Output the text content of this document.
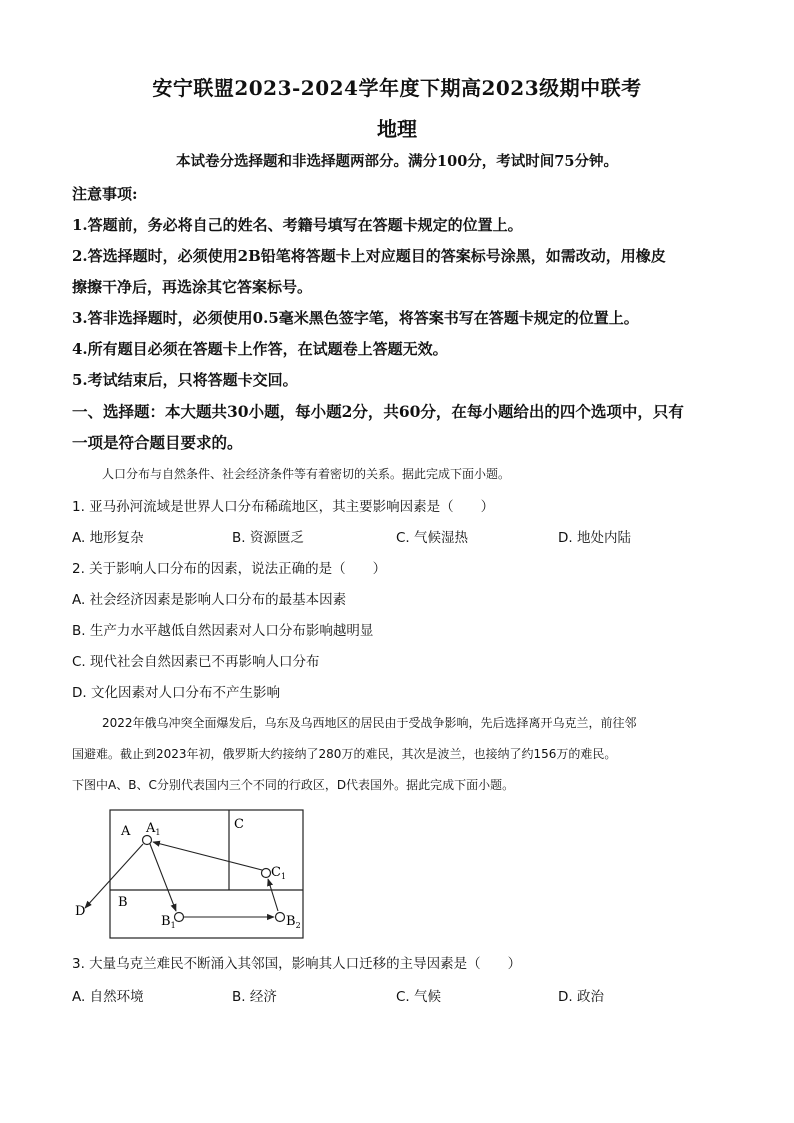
安宁联盟2023-2024学年度下期高2023级期中联考
地理
本试卷分选择题和非选择题两部分。满分100分，考试时间75分钟。
注意事项:
1.答题前，务必将自己的姓名、考籍号填写在答题卡规定的位置上。
2.答选择题时，必须使用2B铅笔将答题卡上对应题目的答案标号涂黑，如需改动，用橡皮
擦擦干净后，再选涂其它答案标号。
3.答非选择题时，必须使用0.5毫米黑色签字笔，将答案书写在答题卡规定的位置上。
4.所有题目必须在答题卡上作答，在试题卷上答题无效。
5.考试结束后，只将答题卡交回。
一、选择题：本大题共30小题，每小题2分，共60分，在每小题给出的四个选项中，只有
一项是符合题目要求的。
人口分布与自然条件、社会经济条件等有着密切的关系。据此完成下面小题。
1. 亚马孙河流域是世界人口分布稀疏地区，其主要影响因素是（　　）
A. 地形复杂	B. 资源匮乏	C. 气候湿热	D. 地处内陆
2. 关于影响人口分布的因素，说法正确的是（　　）
A. 社会经济因素是影响人口分布的最基本因素
B. 生产力水平越低自然因素对人口分布影响越明显
C. 现代社会自然因素已不再影响人口分布
D. 文化因素对人口分布不产生影响
2022年俄乌冲突全面爆发后，乌东及乌西地区的居民由于受战争影响，先后选择离开乌克兰，前往邻
国避难。截止到2023年初，俄罗斯大约接纳了280万的难民，其次是波兰，也接纳了约156万的难民。
下图中A、B、C分别代表国内三个不同的行政区，D代表国外。据此完成下面小题。
A	C
B
D
$A_1$
$C_1$
$B_1$	$B_2$
3. 大量乌克兰难民不断涌入其邻国，影响其人口迁移的主导因素是（　　）
A. 自然环境	B. 经济	C. 气候	D. 政治
